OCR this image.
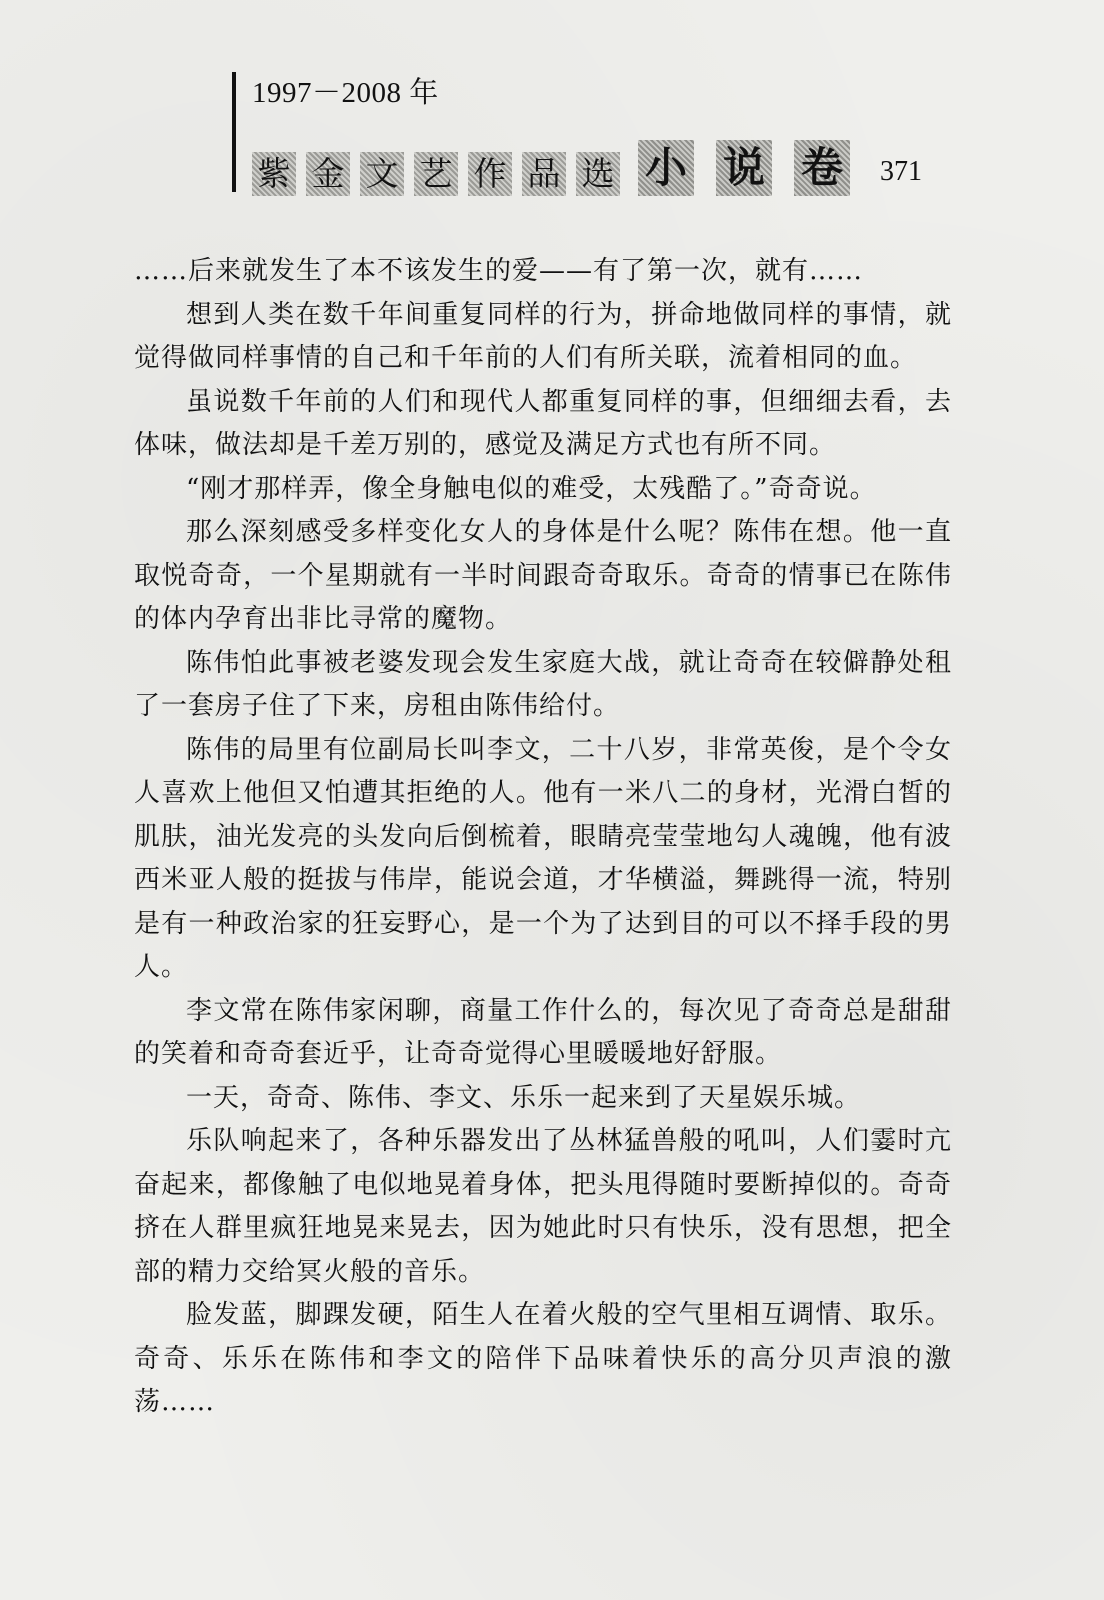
1997－2008 年
紫 金 文 艺 作 品 选 小 说 卷 371

……后来就发生了本不该发生的爱——有了第一次，就有……

想到人类在数千年间重复同样的行为，拼命地做同样的事情，就觉得做同样事情的自己和千年前的人们有所关联，流着相同的血。

虽说数千年前的人们和现代人都重复同样的事，但细细去看，去体味，做法却是千差万别的，感觉及满足方式也有所不同。

“刚才那样弄，像全身触电似的难受，太残酷了。”奇奇说。

那么深刻感受多样变化女人的身体是什么呢？陈伟在想。他一直取悦奇奇，一个星期就有一半时间跟奇奇取乐。奇奇的情事已在陈伟的体内孕育出非比寻常的魔物。

陈伟怕此事被老婆发现会发生家庭大战，就让奇奇在较僻静处租了一套房子住了下来，房租由陈伟给付。

陈伟的局里有位副局长叫李文，二十八岁，非常英俊，是个令女人喜欢上他但又怕遭其拒绝的人。他有一米八二的身材，光滑白皙的肌肤，油光发亮的头发向后倒梳着，眼睛亮莹莹地勾人魂魄，他有波西米亚人般的挺拔与伟岸，能说会道，才华横溢，舞跳得一流，特别是有一种政治家的狂妄野心，是一个为了达到目的可以不择手段的男人。

李文常在陈伟家闲聊，商量工作什么的，每次见了奇奇总是甜甜的笑着和奇奇套近乎，让奇奇觉得心里暖暖地好舒服。

一天，奇奇、陈伟、李文、乐乐一起来到了天星娱乐城。

乐队响起来了，各种乐器发出了丛林猛兽般的吼叫，人们霎时亢奋起来，都像触了电似地晃着身体，把头甩得随时要断掉似的。奇奇挤在人群里疯狂地晃来晃去，因为她此时只有快乐，没有思想，把全部的精力交给冥火般的音乐。

脸发蓝，脚踝发硬，陌生人在着火般的空气里相互调情、取乐。奇奇、乐乐在陈伟和李文的陪伴下品味着快乐的高分贝声浪的激荡……
